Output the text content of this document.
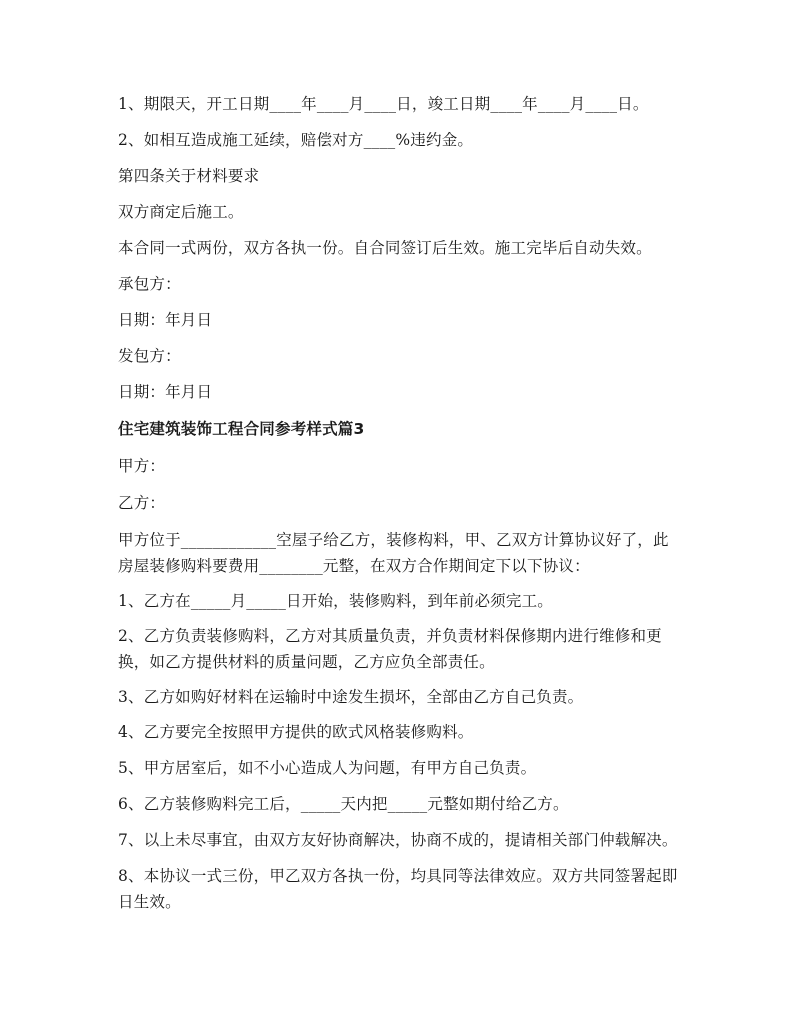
1、期限天，开工日期____年____月____日，竣工日期____年____月____日。
2、如相互造成施工延续，赔偿对方____%违约金。
第四条关于材料要求
双方商定后施工。
本合同一式两份，双方各执一份。自合同签订后生效。施工完毕后自动失效。
承包方：
日期：年月日
发包方：
日期：年月日
住宅建筑装饰工程合同参考样式篇3
甲方：
乙方：
甲方位于____________空屋子给乙方，装修构料，甲、乙双方计算协议好了，此房屋装修购料要费用________元整，在双方合作期间定下以下协议：
1、乙方在_____月_____日开始，装修购料，到年前必须完工。
2、乙方负责装修购料，乙方对其质量负责，并负责材料保修期内进行维修和更换，如乙方提供材料的质量问题，乙方应负全部责任。
3、乙方如购好材料在运输时中途发生损坏，全部由乙方自己负责。
4、乙方要完全按照甲方提供的欧式风格装修购料。
5、甲方居室后，如不小心造成人为问题，有甲方自己负责。
6、乙方装修购料完工后，_____天内把_____元整如期付给乙方。
7、以上未尽事宜，由双方友好协商解决，协商不成的，提请相关部门仲载解决。
8、本协议一式三份，甲乙双方各执一份，均具同等法律效应。双方共同签署起即日生效。
